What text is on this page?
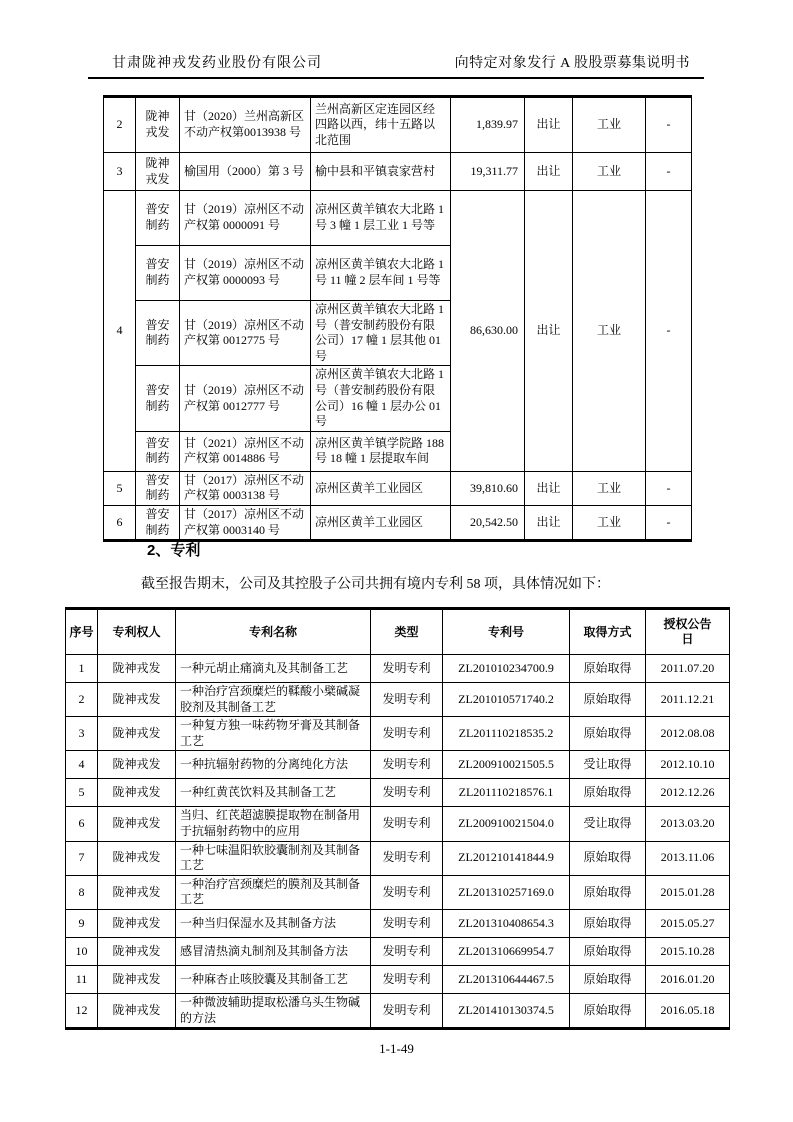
甘肃陇神戎发药业股份有限公司	向特定对象发行 A 股股票募集说明书
2	陇神戎发	甘（2020）兰州高新区不动产权第0013938 号	兰州高新区定连园区经四路以西，纬十五路以北范围	1,839.97	出让	工业	-
3	陇神戎发	榆国用（2000）第 3 号	榆中县和平镇袁家营村	19,311.77	出让	工业	-
4	普安制药	甘（2019）凉州区不动产权第 0000091 号	凉州区黄羊镇农大北路 1 号 3 幢 1 层工业 1 号等	86,630.00	出让	工业	-
	普安制药	甘（2019）凉州区不动产权第 0000093 号	凉州区黄羊镇农大北路 1 号 11 幢 2 层车间 1 号等				
	普安制药	甘（2019）凉州区不动产权第 0012775 号	凉州区黄羊镇农大北路 1 号（普安制药股份有限公司）17 幢 1 层其他 01 号				
	普安制药	甘（2019）凉州区不动产权第 0012777 号	凉州区黄羊镇农大北路 1 号（普安制药股份有限公司）16 幢 1 层办公 01 号				
	普安制药	甘（2021）凉州区不动产权第 0014886 号	凉州区黄羊镇学院路 188 号 18 幢 1 层提取车间				
5	普安制药	甘（2017）凉州区不动产权第 0003138 号	凉州区黄羊工业园区	39,810.60	出让	工业	-
6	普安制药	甘（2017）凉州区不动产权第 0003140 号	凉州区黄羊工业园区	20,542.50	出让	工业	-
2、专利
截至报告期末，公司及其控股子公司共拥有境内专利 58 项，具体情况如下：
序号	专利权人	专利名称	类型	专利号	取得方式	授权公告日
1	陇神戎发	一种元胡止痛滴丸及其制备工艺	发明专利	ZL201010234700.9	原始取得	2011.07.20
2	陇神戎发	一种治疗宫颈糜烂的鞣酸小檗碱凝胶剂及其制备工艺	发明专利	ZL201010571740.2	原始取得	2011.12.21
3	陇神戎发	一种复方独一味药物牙膏及其制备工艺	发明专利	ZL201110218535.2	原始取得	2012.08.08
4	陇神戎发	一种抗辐射药物的分离纯化方法	发明专利	ZL200910021505.5	受让取得	2012.10.10
5	陇神戎发	一种红黄芪饮料及其制备工艺	发明专利	ZL201110218576.1	原始取得	2012.12.26
6	陇神戎发	当归、红芪超滤膜提取物在制备用于抗辐射药物中的应用	发明专利	ZL200910021504.0	受让取得	2013.03.20
7	陇神戎发	一种七味温阳软胶囊制剂及其制备工艺	发明专利	ZL201210141844.9	原始取得	2013.11.06
8	陇神戎发	一种治疗宫颈糜烂的膜剂及其制备工艺	发明专利	ZL201310257169.0	原始取得	2015.01.28
9	陇神戎发	一种当归保湿水及其制备方法	发明专利	ZL201310408654.3	原始取得	2015.05.27
10	陇神戎发	感冒清热滴丸制剂及其制备方法	发明专利	ZL201310669954.7	原始取得	2015.10.28
11	陇神戎发	一种麻杏止咳胶囊及其制备工艺	发明专利	ZL201310644467.5	原始取得	2016.01.20
12	陇神戎发	一种微波辅助提取松潘乌头生物碱的方法	发明专利	ZL201410130374.5	原始取得	2016.05.18
1-1-49
